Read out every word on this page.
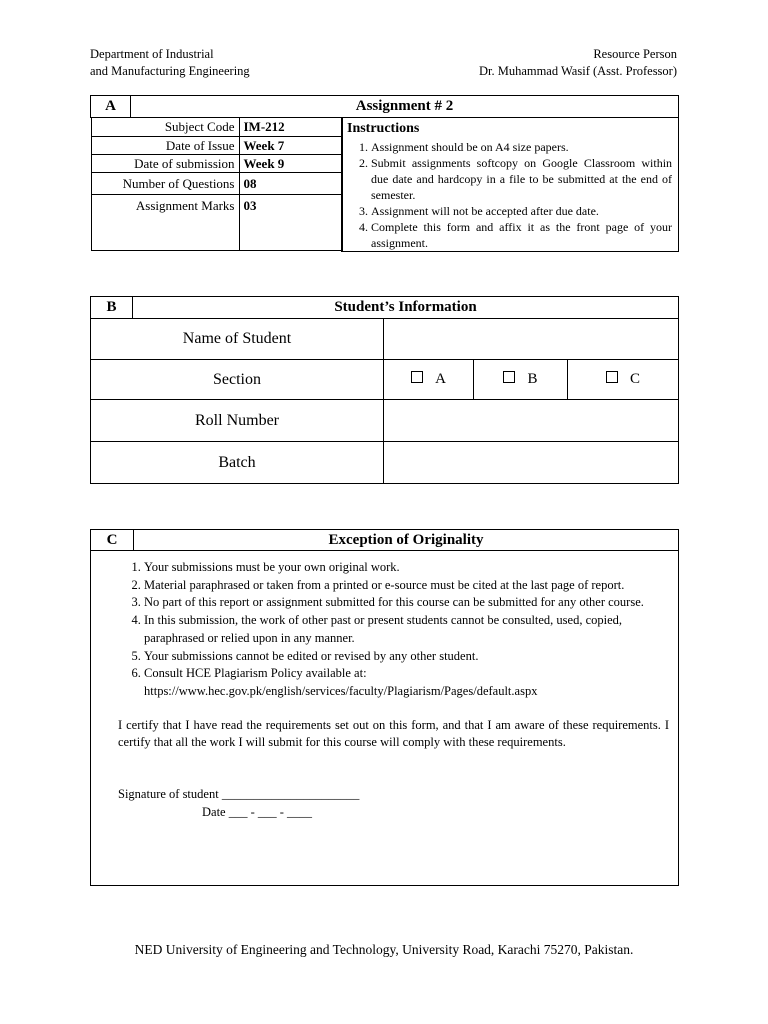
Department of Industrial
and Manufacturing Engineering
Resource Person
Dr. Muhammad Wasif (Asst. Professor)
A	Assignment # 2

Subject Code	IM-212
Date of Issue	Week 7
Date of submission	Week 9
Number of Questions	08
Assignment Marks	03

Instructions
1. Assignment should be on A4 size papers.
2. Submit assignments softcopy on Google Classroom within due date and hardcopy in a file to be submitted at the end of semester.
3. Assignment will not be accepted after due date.
4. Complete this form and affix it as the front page of your assignment.
B	Student’s Information			
Name of Student				
Section		A	B	C
Roll Number				
Batch				
C	Exception of Originality

1. Your submissions must be your own original work.
2. Material paraphrased or taken from a printed or e-source must be cited at the last page of report.
3. No part of this report or assignment submitted for this course can be submitted for any other course.
4. In this submission, the work of other past or present students cannot be consulted, used, copied, paraphrased or relied upon in any manner.
5. Your submissions cannot be edited or revised by any other student.
6. Consult HCE Plagiarism Policy available at: https://www.hec.gov.pk/english/services/faculty/Plagiarism/Pages/default.aspx

I certify that I have read the requirements set out on this form, and that I am aware of these requirements. I certify that all the work I will submit for this course will comply with these requirements.

Signature of student ______________________
Date ___ - ___ - ____
NED University of Engineering and Technology, University Road, Karachi 75270, Pakistan.
